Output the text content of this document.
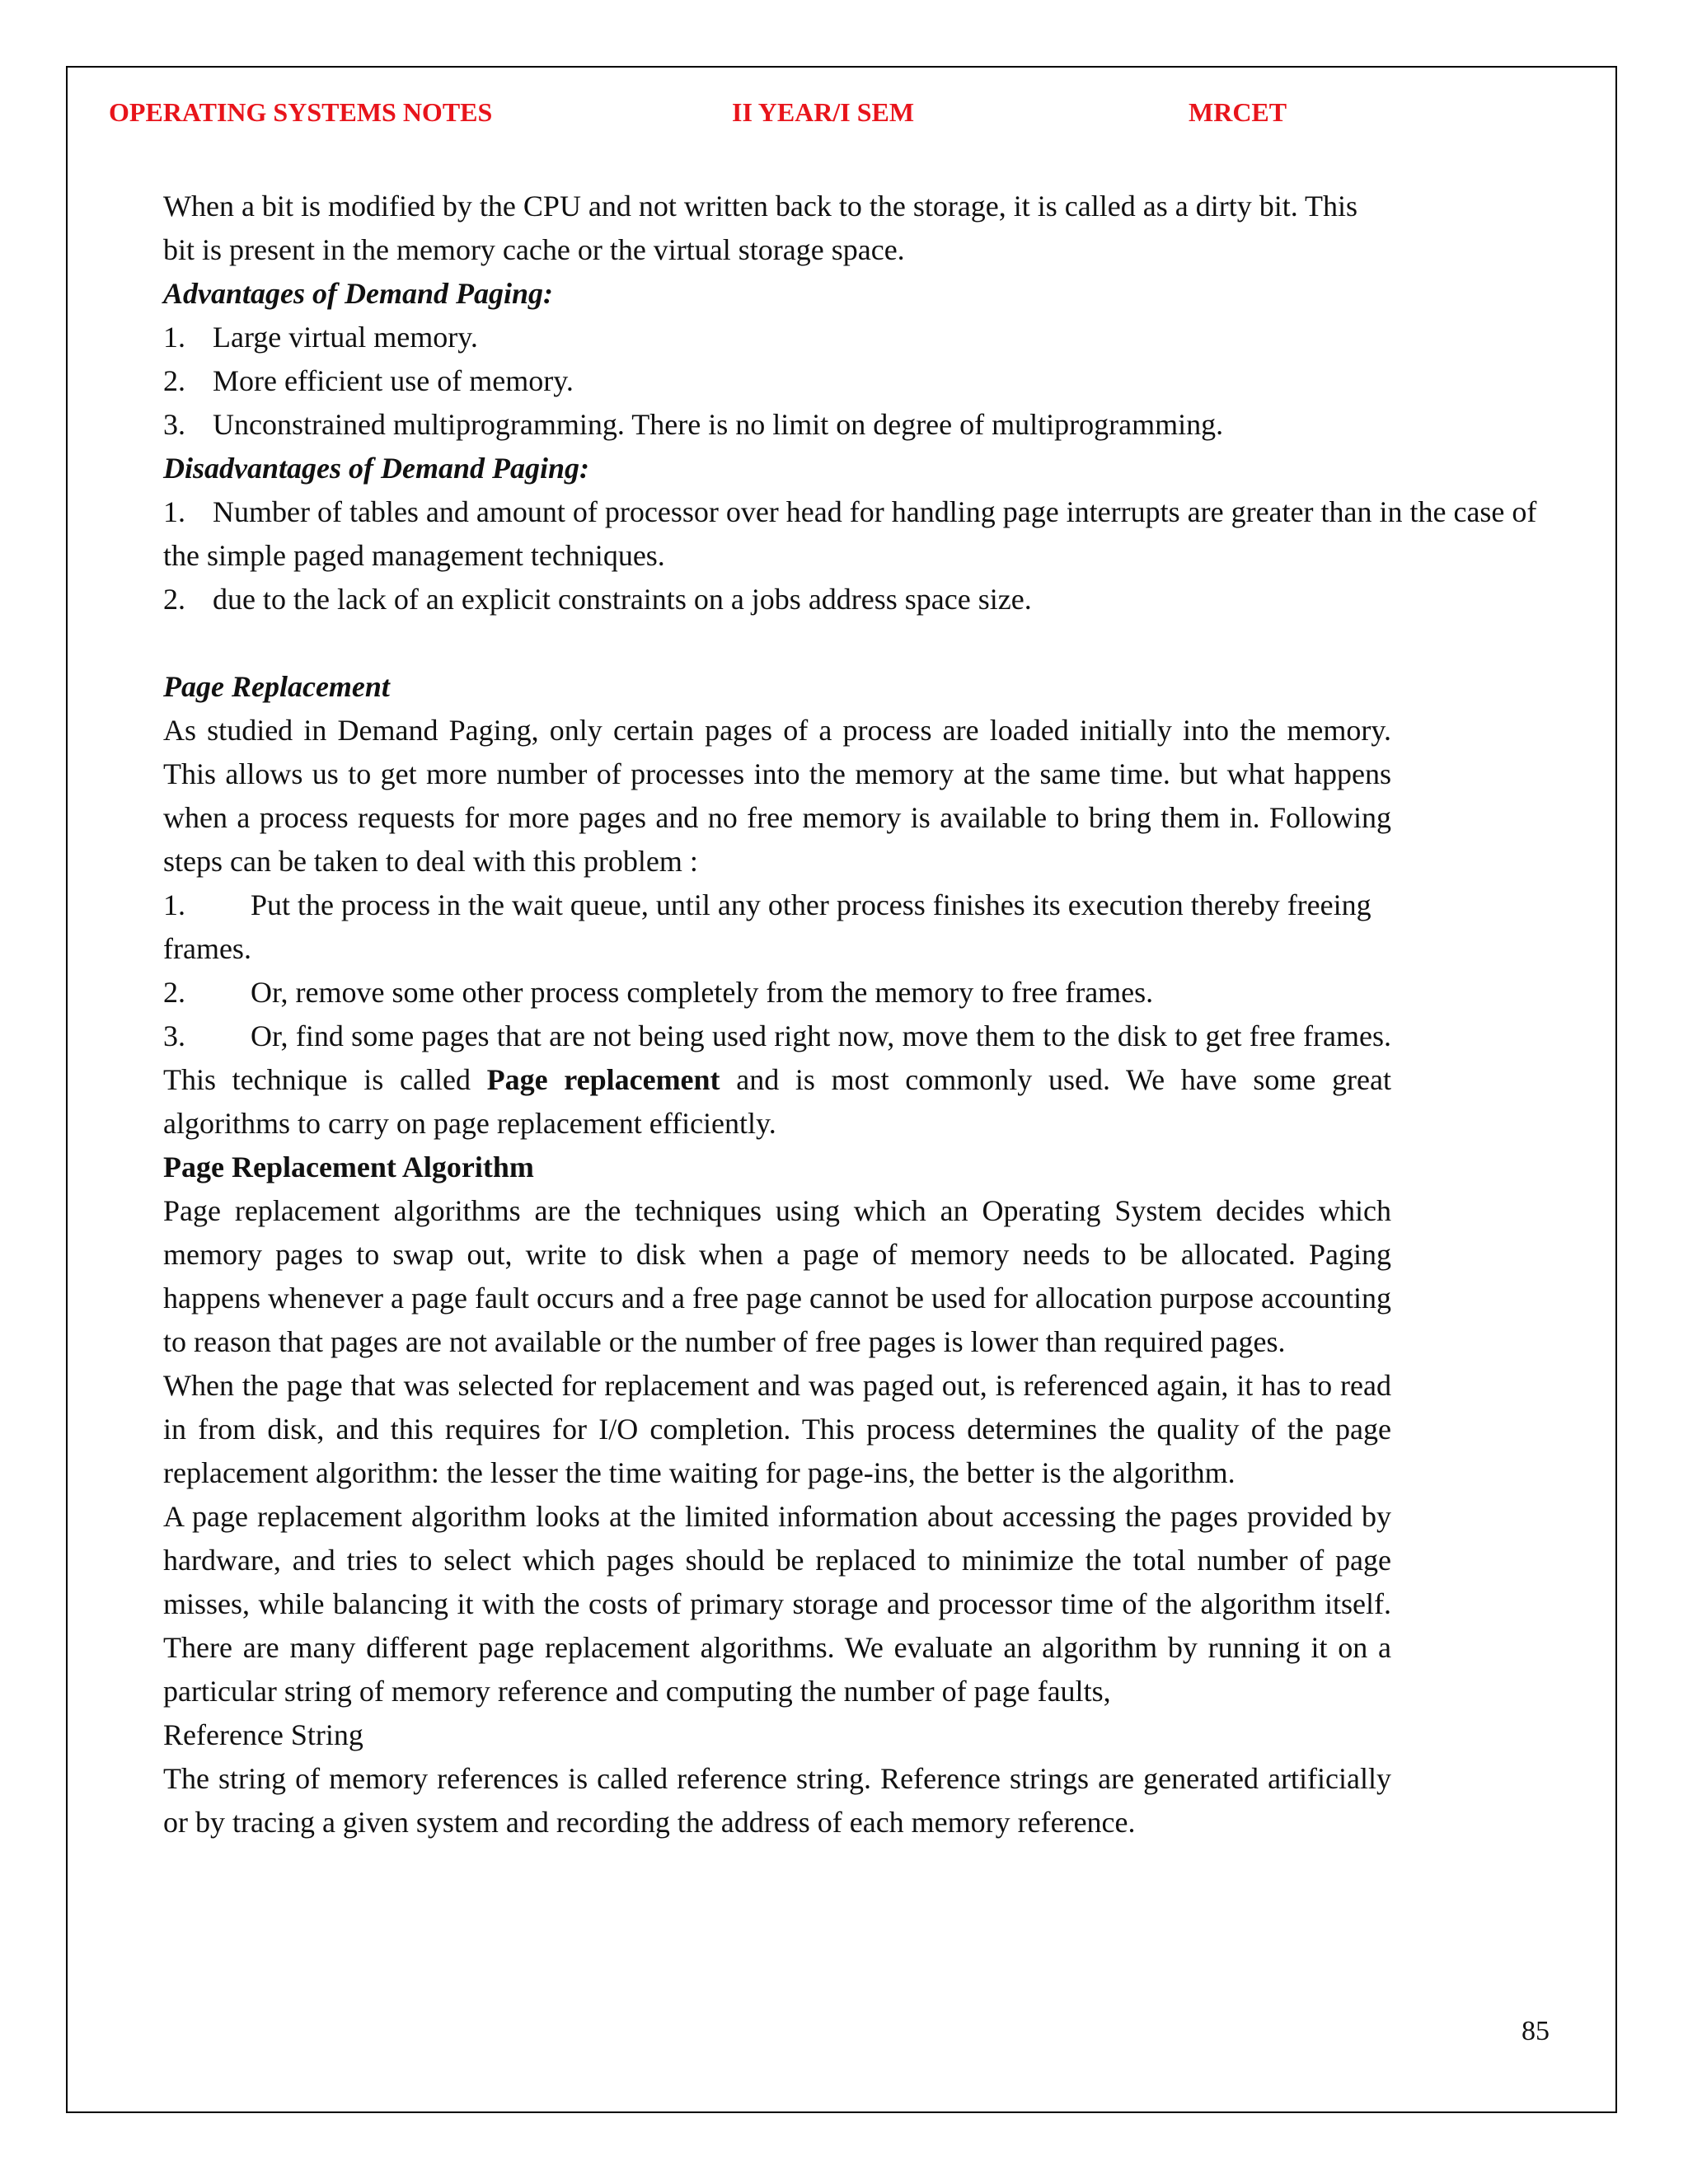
OPERATING SYSTEMS NOTES	II YEAR/I SEM	MRCET

When a bit is modified by the CPU and not written back to the storage, it is called as a dirty bit. This bit is present in the memory cache or the virtual storage space.

Advantages of Demand Paging:
1. Large virtual memory.
2. More efficient use of memory.
3. Unconstrained multiprogramming. There is no limit on degree of multiprogramming.
Disadvantages of Demand Paging:
1. Number of tables and amount of processor over head for handling page interrupts are greater than in the case of the simple paged management techniques.
2. due to the lack of an explicit constraints on a jobs address space size.
Page Replacement

As studied in Demand Paging, only certain pages of a process are loaded initially into the memory. This allows us to get more number of processes into the memory at the same time. but what happens when a process requests for more pages and no free memory is available to bring them in. Following steps can be taken to deal with this problem :

1. Put the process in the wait queue, until any other process finishes its execution thereby freeing frames.
2. Or, remove some other process completely from the memory to free frames.
3. Or, find some pages that are not being used right now, move them to the disk to get free frames. This technique is called Page replacement and is most commonly used. We have some great algorithms to carry on page replacement efficiently.
Page Replacement Algorithm

Page replacement algorithms are the techniques using which an Operating System decides which memory pages to swap out, write to disk when a page of memory needs to be allocated. Paging happens whenever a page fault occurs and a free page cannot be used for allocation purpose accounting to reason that pages are not available or the number of free pages is lower than required pages.

When the page that was selected for replacement and was paged out, is referenced again, it has to read in from disk, and this requires for I/O completion. This process determines the quality of the page replacement algorithm: the lesser the time waiting for page-ins, the better is the algorithm.

A page replacement algorithm looks at the limited information about accessing the pages provided by hardware, and tries to select which pages should be replaced to minimize the total number of page misses, while balancing it with the costs of primary storage and processor time of the algorithm itself. There are many different page replacement algorithms. We evaluate an algorithm by running it on a particular string of memory reference and computing the number of page faults,

Reference String

The string of memory references is called reference string. Reference strings are generated artificially or by tracing a given system and recording the address of each memory reference.

85
